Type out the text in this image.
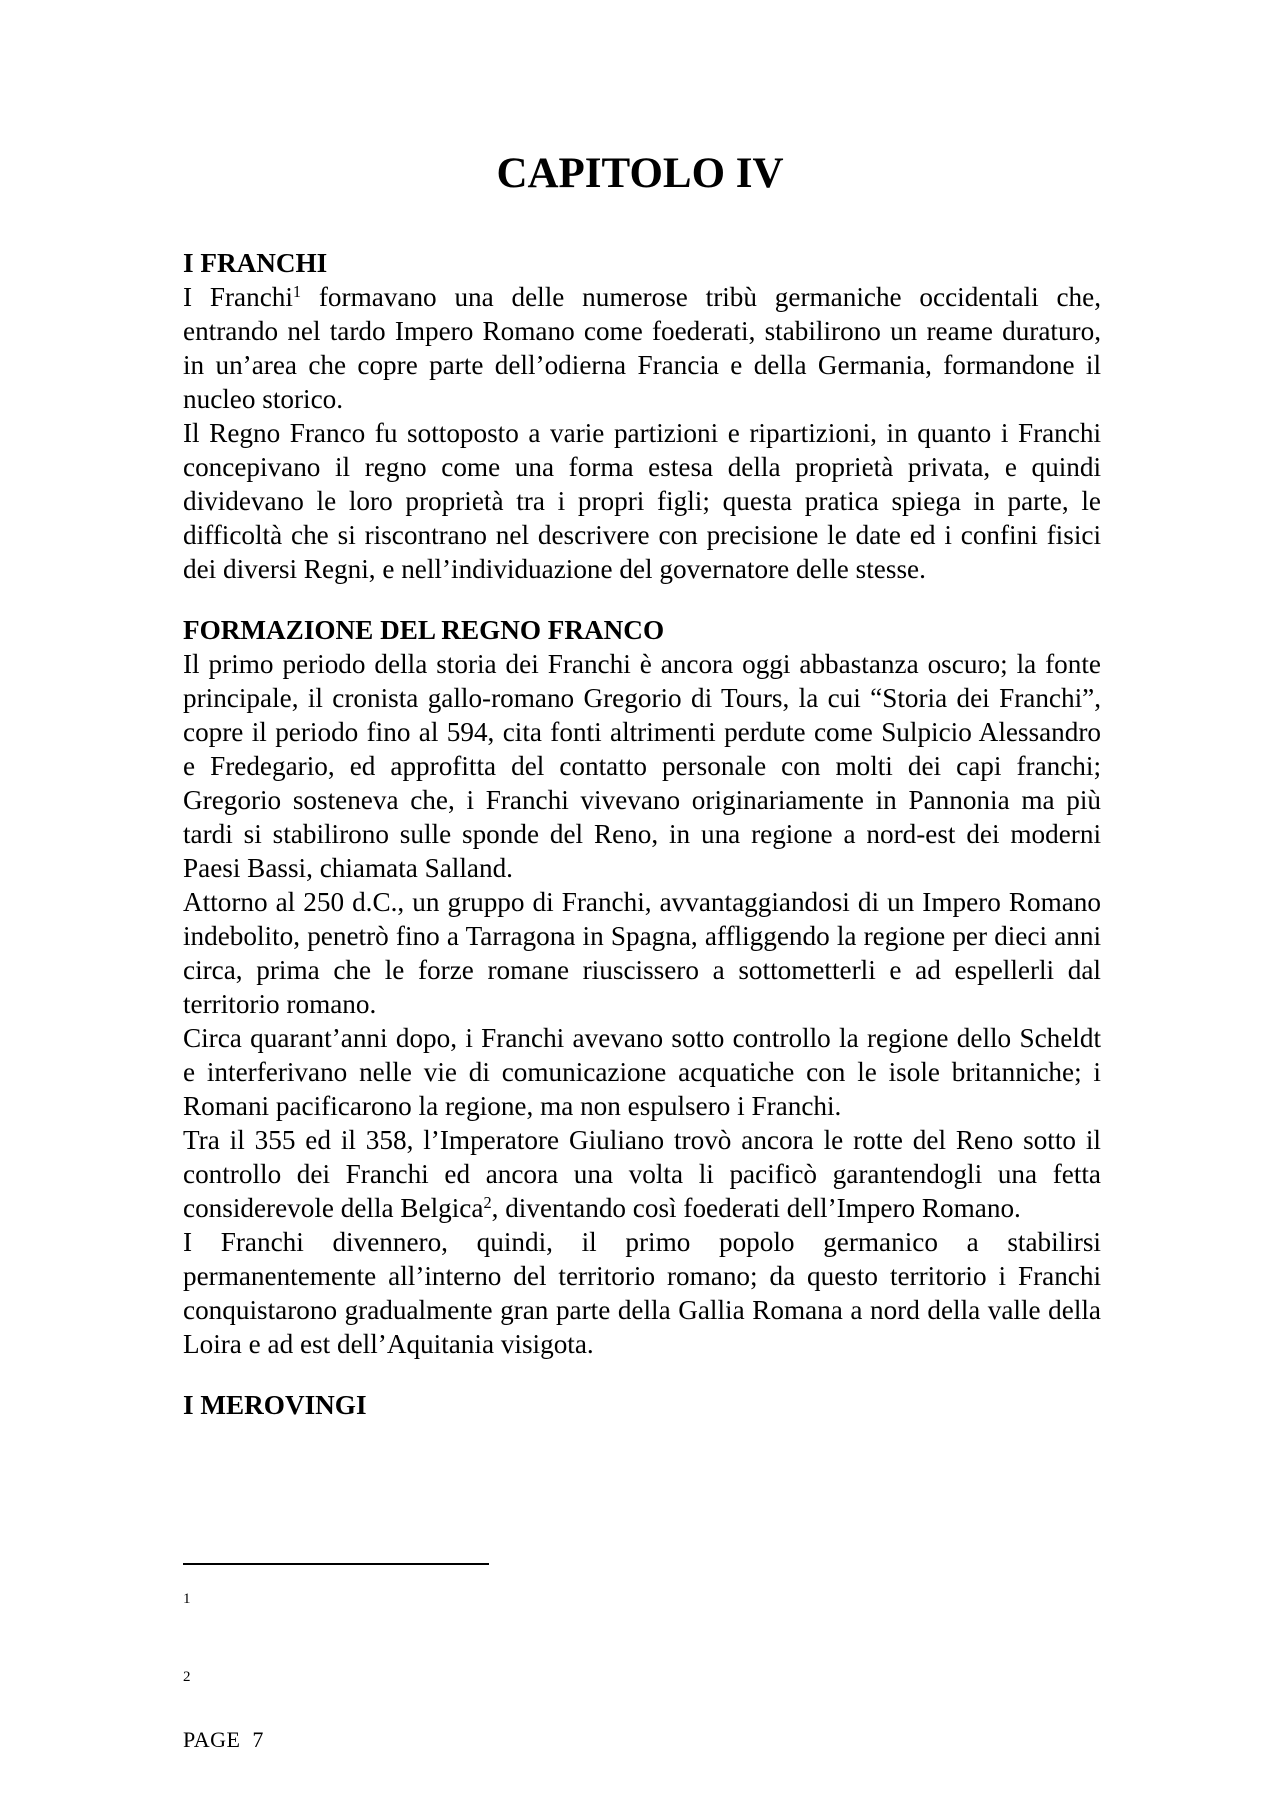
CAPITOLO IV
I FRANCHI

I Franchi$^1$ formavano una delle numerose tribù germaniche occidentali che, entrando nel tardo Impero Romano come foederati, stabilirono un reame duraturo, in un’area che copre parte dell’odierna Francia e della Germania, formandone il nucleo storico.

Il Regno Franco fu sottoposto a varie partizioni e ripartizioni, in quanto i Franchi concepivano il regno come una forma estesa della proprietà privata, e quindi dividevano le loro proprietà tra i propri figli; questa pratica spiega in parte, le difficoltà che si riscontrano nel descrivere con precisione le date ed i confini fisici dei diversi Regni, e nell’individuazione del governatore delle stesse.

FORMAZIONE DEL REGNO FRANCO

Il primo periodo della storia dei Franchi è ancora oggi abbastanza oscuro; la fonte principale, il cronista gallo-romano Gregorio di Tours, la cui “Storia dei Franchi”, copre il periodo fino al 594, cita fonti altrimenti perdute come Sulpicio Alessandro e Fredegario, ed approfitta del contatto personale con molti dei capi franchi; Gregorio sosteneva che, i Franchi vivevano originariamente in Pannonia ma più tardi si stabilirono sulle sponde del Reno, in una regione a nord-est dei moderni Paesi Bassi, chiamata Salland.

Attorno al 250 d.C., un gruppo di Franchi, avvantaggiandosi di un Impero Romano indebolito, penetrò fino a Tarragona in Spagna, affliggendo la regione per dieci anni circa, prima che le forze romane riuscissero a sottometterli e ad espellerli dal territorio romano.

Circa quarant’anni dopo, i Franchi avevano sotto controllo la regione dello Scheldt e interferivano nelle vie di comunicazione acquatiche con le isole britanniche; i Romani pacificarono la regione, ma non espulsero i Franchi.

Tra il 355 ed il 358, l’Imperatore Giuliano trovò ancora le rotte del Reno sotto il controllo dei Franchi ed ancora una volta li pacificò garantendogli una fetta considerevole della Belgica$^2$, diventando così foederati dell’Impero Romano.

I Franchi divennero, quindi, il primo popolo germanico a stabilirsi permanentemente all’interno del territorio romano; da questo territorio i Franchi conquistarono gradualmente gran parte della Gallia Romana a nord della valle della Loira e ad est dell’Aquitania visigota.

I MEROVINGI
1
2
PAGE  7
